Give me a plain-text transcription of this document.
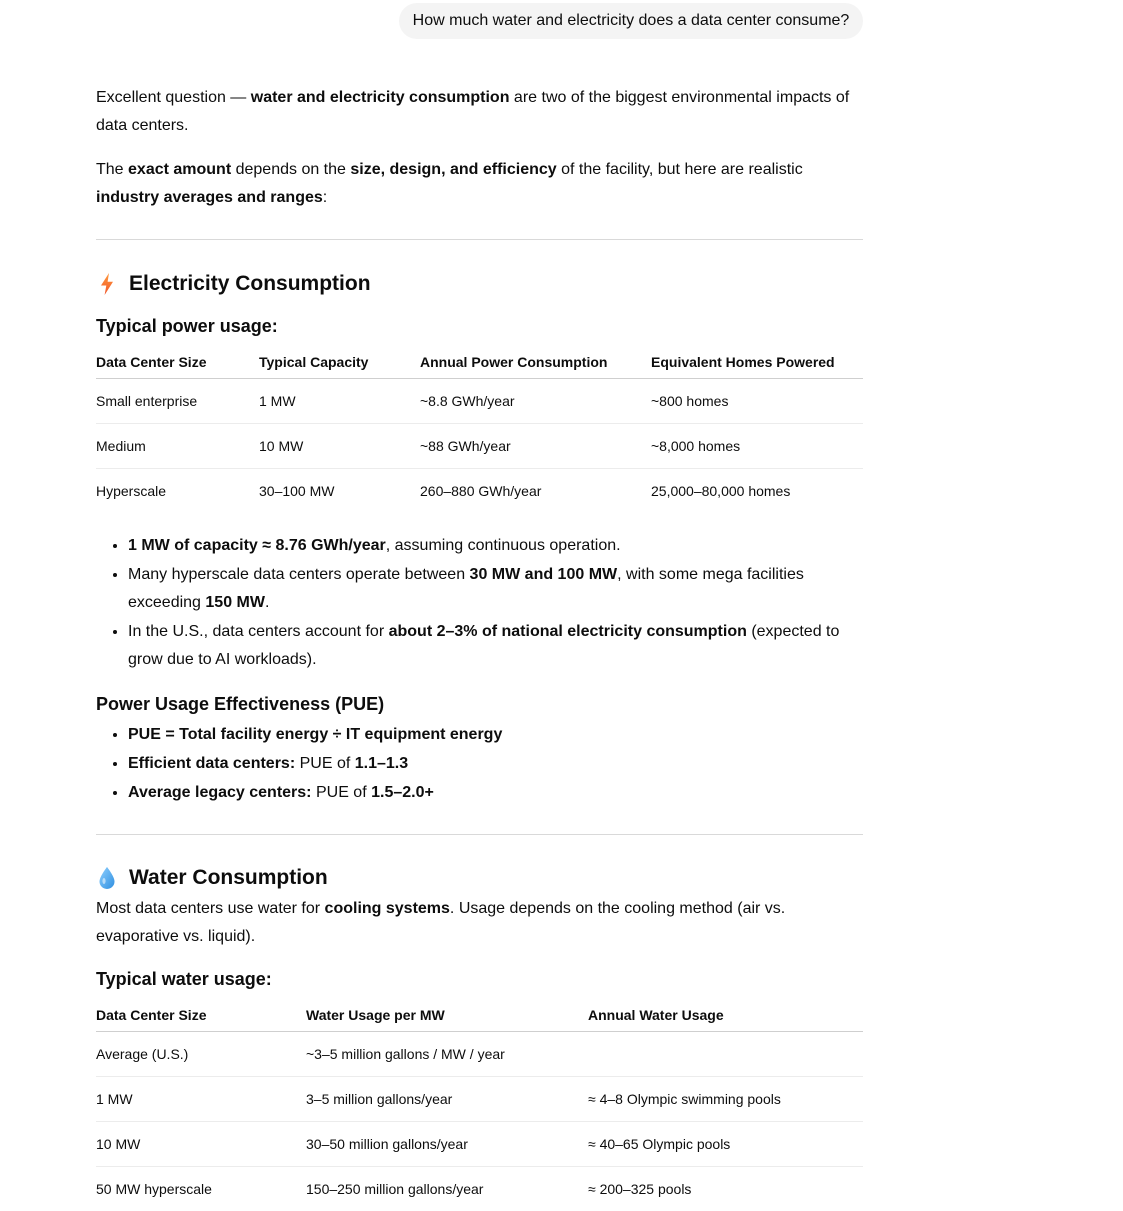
How much water and electricity does a data center consume?

Excellent question — water and electricity consumption are two of the biggest environmental impacts of data centers.

The exact amount depends on the size, design, and efficiency of the facility, but here are realistic industry averages and ranges:

Electricity Consumption
Typical power usage:
Data Center Size	Typical Capacity	Annual Power Consumption	Equivalent Homes Powered
Small enterprise	1 MW	~8.8 GWh/year	~800 homes
Medium	10 MW	~88 GWh/year	~8,000 homes
Hyperscale	30–100 MW	260–880 GWh/year	25,000–80,000 homes
• 1 MW of capacity ≈ 8.76 GWh/year, assuming continuous operation.
• Many hyperscale data centers operate between 30 MW and 100 MW, with some mega facilities exceeding 150 MW.
• In the U.S., data centers account for about 2–3% of national electricity consumption (expected to grow due to AI workloads).
Power Usage Effectiveness (PUE)
• PUE = Total facility energy ÷ IT equipment energy
• Efficient data centers: PUE of 1.1–1.3
• Average legacy centers: PUE of 1.5–2.0+
Water Consumption

Most data centers use water for cooling systems. Usage depends on the cooling method (air vs. evaporative vs. liquid).

Typical water usage:
Data Center Size	Water Usage per MW	Annual Water Usage
Average (U.S.)	~3–5 million gallons / MW / year	
1 MW	3–5 million gallons/year	≈ 4–8 Olympic swimming pools
10 MW	30–50 million gallons/year	≈ 40–65 Olympic pools
50 MW hyperscale	150–250 million gallons/year	≈ 200–325 pools
